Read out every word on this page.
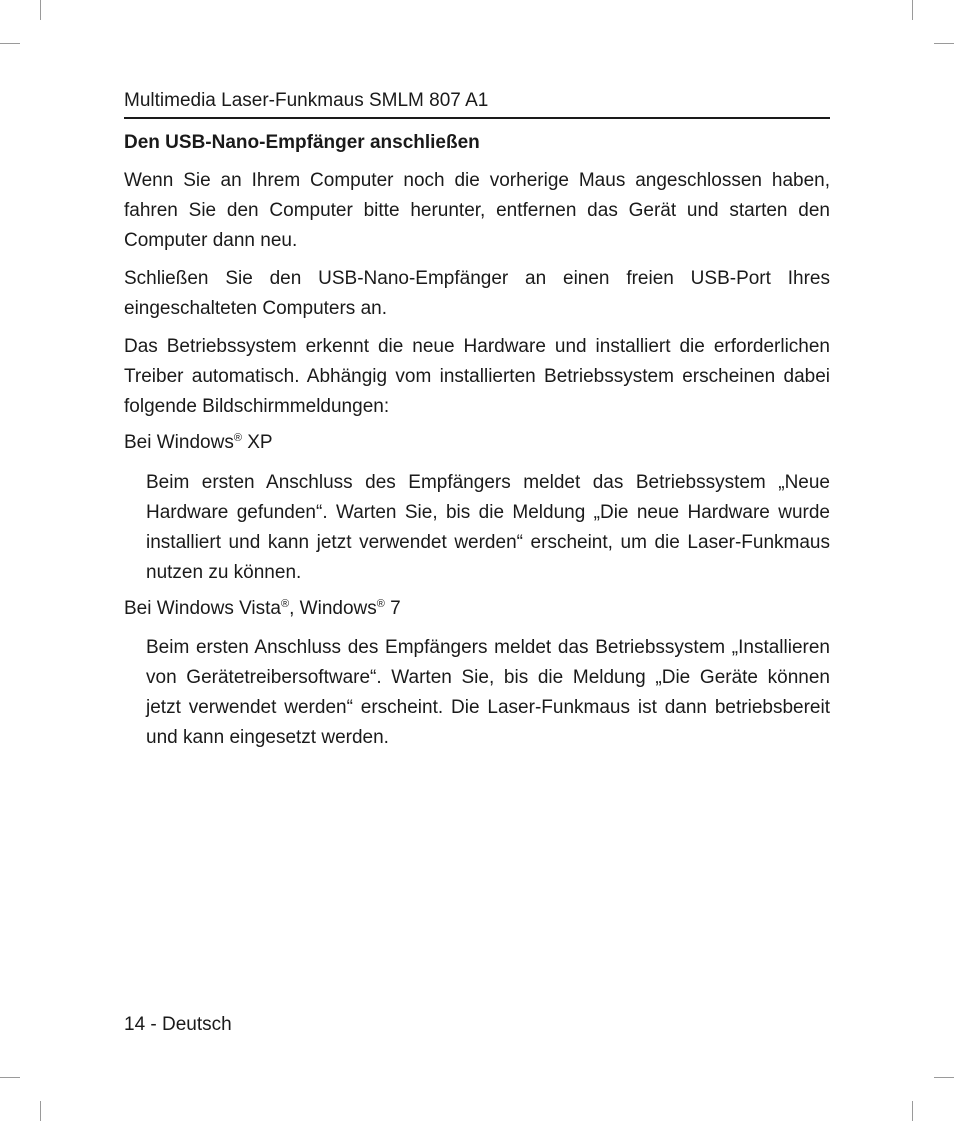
Multimedia Laser-Funkmaus SMLM 807 A1
Den USB-Nano-Empfänger anschließen

Wenn Sie an Ihrem Computer noch die vorherige Maus angeschlossen haben, fahren Sie den Computer bitte herunter, entfernen das Gerät und starten den Computer dann neu.

Schließen Sie den USB-Nano-Empfänger an einen freien USB-Port Ihres eingeschalteten Computers an.

Das Betriebssystem erkennt die neue Hardware und installiert die erforderlichen Treiber automatisch. Abhängig vom installierten Betriebssystem erscheinen dabei folgende Bildschirmmeldungen:

Bei Windows® XP

Beim ersten Anschluss des Empfängers meldet das Betriebssystem „Neue Hardware gefunden“. Warten Sie, bis die Meldung „Die neue Hardware wurde installiert und kann jetzt verwendet werden“ erscheint, um die Laser-Funkmaus nutzen zu können.

Bei Windows Vista®, Windows® 7

Beim ersten Anschluss des Empfängers meldet das Betriebssystem „Installieren von Gerätetreibersoftware“. Warten Sie, bis die Meldung „Die Geräte können jetzt verwendet werden“ erscheint. Die Laser-Funkmaus ist dann betriebsbereit und kann eingesetzt werden.

14 - Deutsch
